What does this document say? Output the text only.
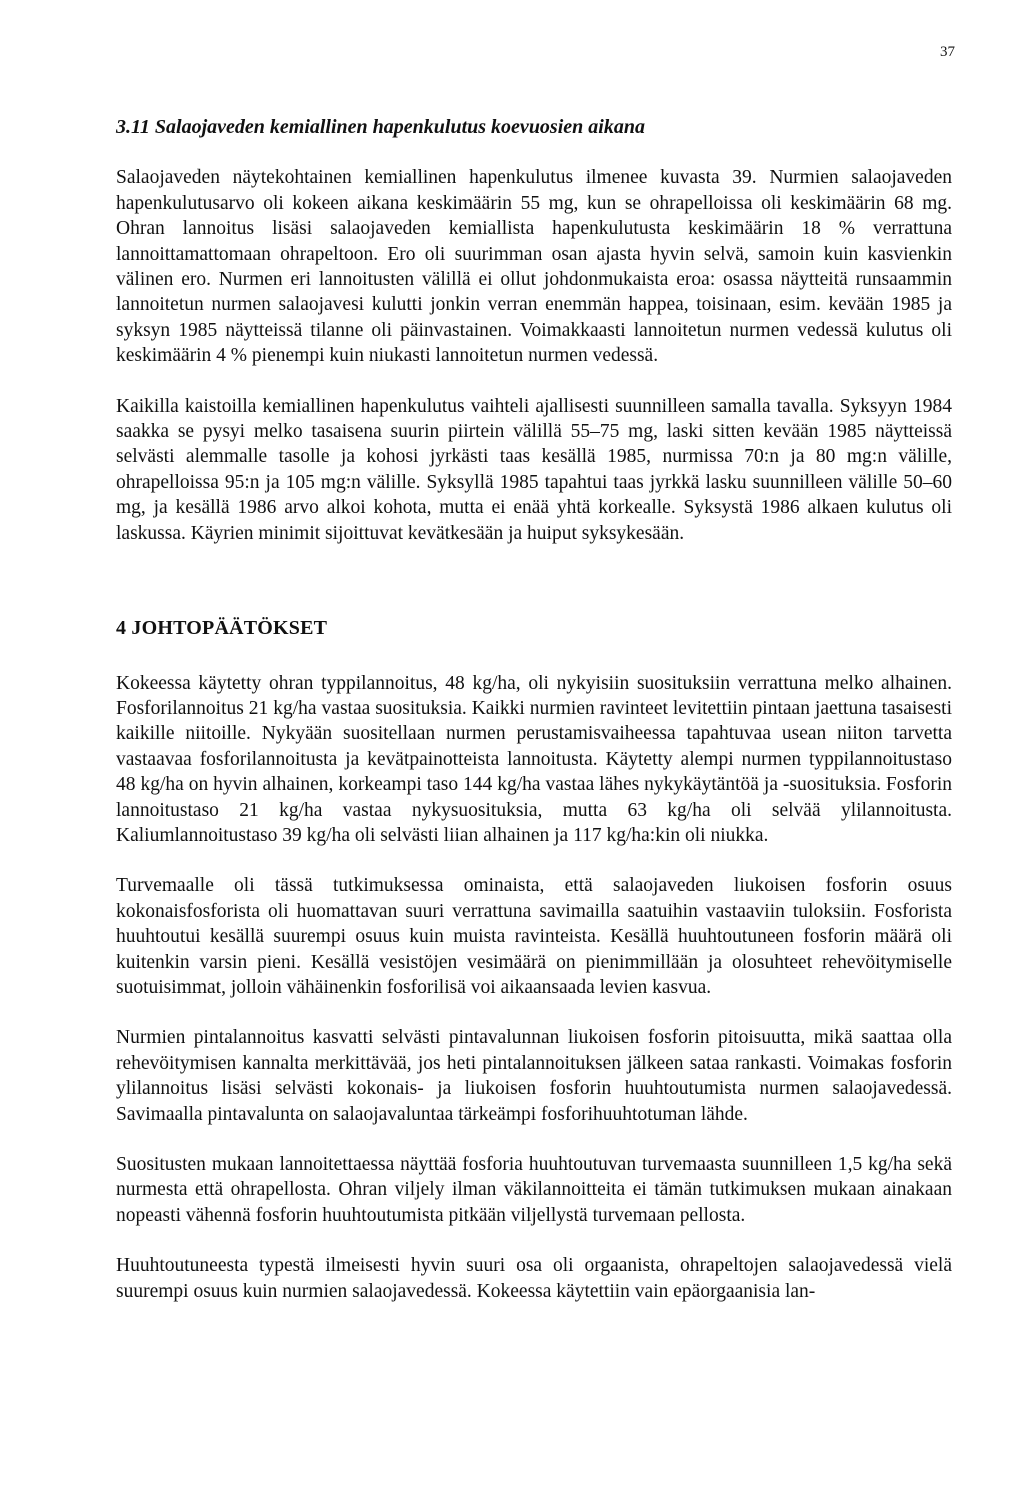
37
3.11 Salaojaveden kemiallinen hapenkulutus koevuosien aikana

Salaojaveden näytekohtainen kemiallinen hapenkulutus ilmenee kuvasta 39. Nurmien salaojaveden hapenkulutusarvo oli kokeen aikana keskimäärin 55 mg, kun se ohrapelloissa oli keskimäärin 68 mg. Ohran lannoitus lisäsi salaojaveden kemiallista hapenkulutusta keskimäärin 18 % verrattuna lannoittamattomaan ohrapeltoon. Ero oli suurimman osan ajasta hyvin selvä, samoin kuin kasvienkin välinen ero. Nurmen eri lannoitusten välillä ei ollut johdonmukaista eroa: osassa näytteitä runsaammin lannoitetun nurmen salaojavesi kulutti jonkin verran enemmän happea, toisinaan, esim. kevään 1985 ja syksyn 1985 näytteissä tilanne oli päinvastainen. Voimakkaasti lannoitetun nurmen vedessä kulutus oli keskimäärin 4 % pienempi kuin niukasti lannoitetun nurmen vedessä.

Kaikilla kaistoilla kemiallinen hapenkulutus vaihteli ajallisesti suunnilleen samalla tavalla. Syksyyn 1984 saakka se pysyi melko tasaisena suurin piirtein välillä 55–75 mg, laski sitten kevään 1985 näytteissä selvästi alemmalle tasolle ja kohosi jyrkästi taas kesällä 1985, nurmissa 70:n ja 80 mg:n välille, ohrapelloissa 95:n ja 105 mg:n välille. Syksyllä 1985 tapahtui taas jyrkkä lasku suunnilleen välille 50–60 mg, ja kesällä 1986 arvo alkoi kohota, mutta ei enää yhtä korkealle. Syksystä 1986 alkaen kulutus oli laskussa. Käyrien minimit sijoittuvat kevätkesään ja huiput syksykesään.

4 JOHTOPÄÄTÖKSET

Kokeessa käytetty ohran typpilannoitus, 48 kg/ha, oli nykyisiin suosituksiin verrattuna melko alhainen. Fosforilannoitus 21 kg/ha vastaa suosituksia. Kaikki nurmien ravinteet levitettiin pintaan jaettuna tasaisesti kaikille niitoille. Nykyään suositellaan nurmen perustamisvaiheessa tapahtuvaa usean niiton tarvetta vastaavaa fosforilannoitusta ja kevätpainotteista lannoitusta. Käytetty alempi nurmen typpilannoitustaso 48 kg/ha on hyvin alhainen, korkeampi taso 144 kg/ha vastaa lähes nykykäytäntöä ja -suosituksia. Fosforin lannoitustaso 21 kg/ha vastaa nykysuosituksia, mutta 63 kg/ha oli selvää ylilannoitusta. Kaliumlannoitustaso 39 kg/ha oli selvästi liian alhainen ja 117 kg/ha:kin oli niukka.

Turvemaalle oli tässä tutkimuksessa ominaista, että salaojaveden liukoisen fosforin osuus kokonaisfosforista oli huomattavan suuri verrattuna savimailla saatuihin vastaaviin tuloksiin. Fosforista huuhtoutui kesällä suurempi osuus kuin muista ravinteista. Kesällä huuhtoutuneen fosforin määrä oli kuitenkin varsin pieni. Kesällä vesistöjen vesimäärä on pienimmillään ja olosuhteet rehevöitymiselle suotuisimmat, jolloin vähäinenkin fosforilisä voi aikaansaada levien kasvua.

Nurmien pintalannoitus kasvatti selvästi pintavalunnan liukoisen fosforin pitoisuutta, mikä saattaa olla rehevöitymisen kannalta merkittävää, jos heti pintalannoituksen jälkeen sataa rankasti. Voimakas fosforin ylilannoitus lisäsi selvästi kokonais- ja liukoisen fosforin huuhtoutumista nurmen salaojavedessä. Savimaalla pintavalunta on salaojavaluntaa tärkeämpi fosforihuuhtotuman lähde.

Suositusten mukaan lannoitettaessa näyttää fosforia huuhtoutuvan turvemaasta suunnilleen 1,5 kg/ha sekä nurmesta että ohrapellosta. Ohran viljely ilman väkilannoitteita ei tämän tutkimuksen mukaan ainakaan nopeasti vähennä fosforin huuhtoutumista pitkään viljellystä turvemaan pellosta.

Huuhtoutuneesta typestä ilmeisesti hyvin suuri osa oli orgaanista, ohrapeltojen salaojavedessä vielä suurempi osuus kuin nurmien salaojavedessä. Kokeessa käytettiin vain epäorgaanisia lan-
